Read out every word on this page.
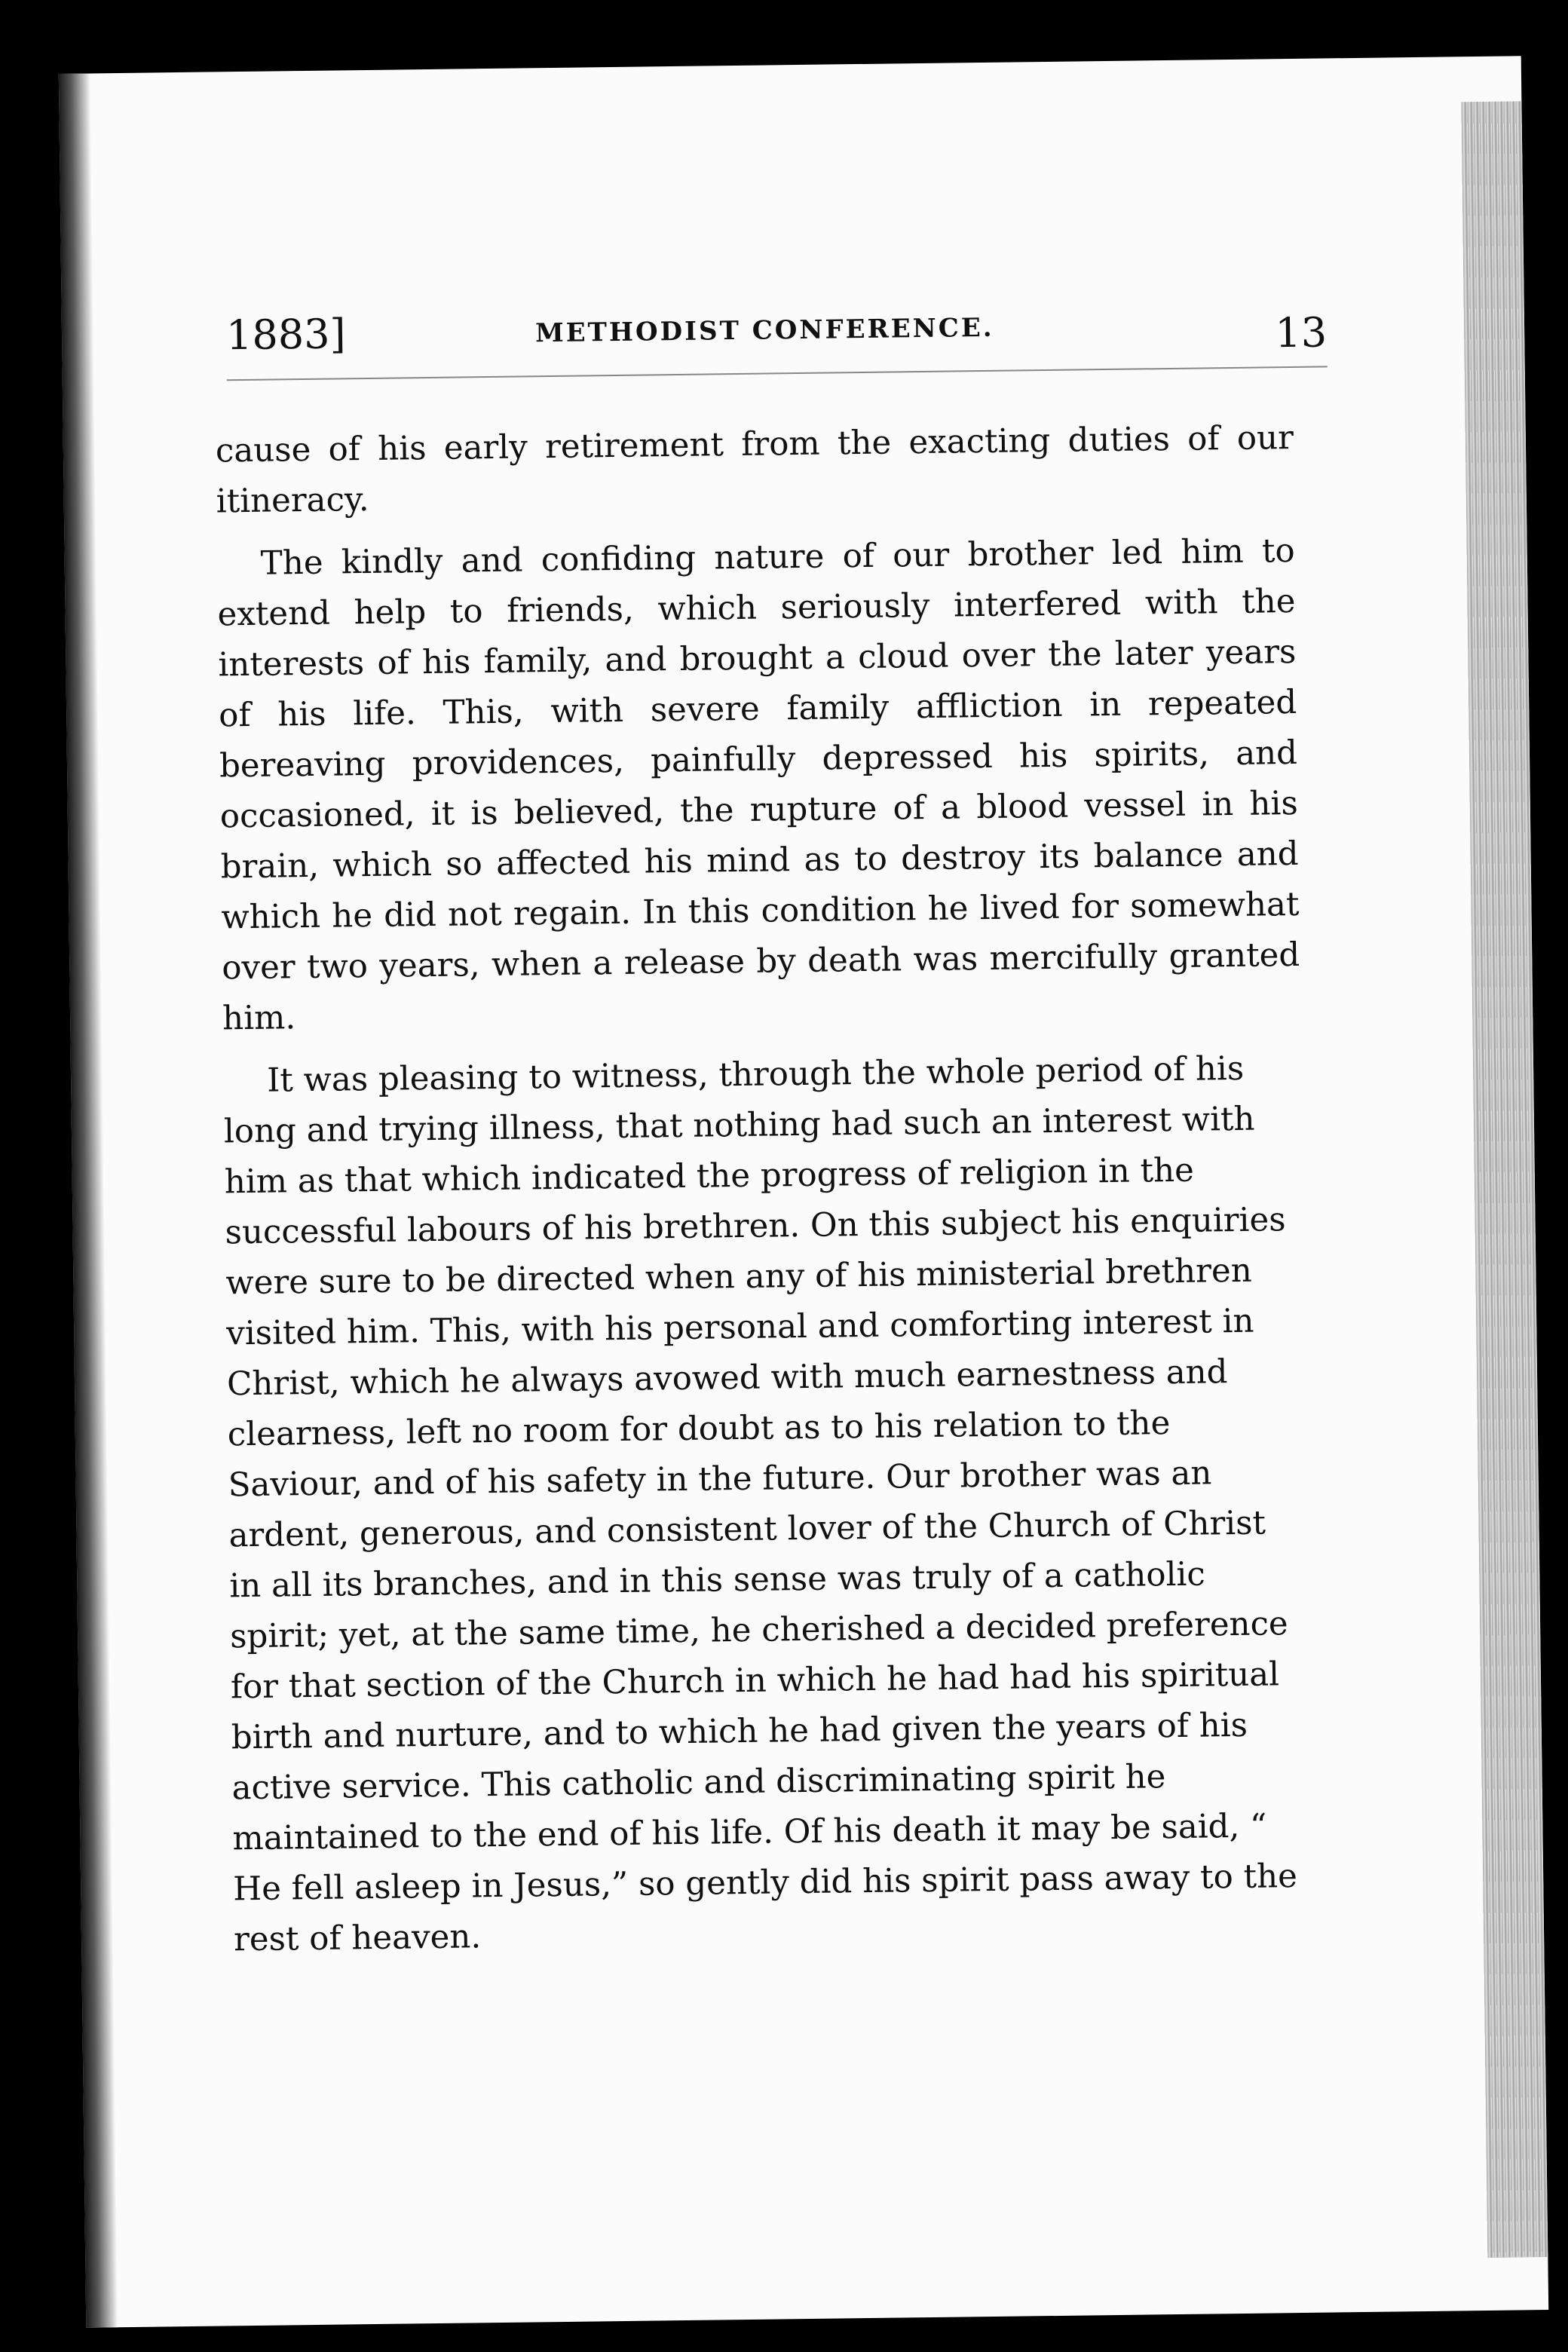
1883]	METHODIST CONFERENCE.	13

cause of his early retirement from the exacting duties of our itineracy.

The kindly and confiding nature of our brother led him to extend help to friends, which seriously interfered with the interests of his family, and brought a cloud over the later years of his life. This, with severe family affliction in repeated bereaving providences, painfully depressed his spirits, and occasioned, it is believed, the rupture of a blood vessel in his brain, which so affected his mind as to destroy its balance and which he did not regain. In this condition he lived for somewhat over two years, when a release by death was mercifully granted him.

It was pleasing to witness, through the whole period of his long and trying illness, that nothing had such an interest with him as that which indicated the progress of religion in the successful labours of his brethren. On this subject his enquiries were sure to be directed when any of his ministerial brethren visited him. This, with his personal and comforting interest in Christ, which he always avowed with much earnestness and clearness, left no room for doubt as to his relation to the Saviour, and of his safety in the future. Our brother was an ardent, generous, and consistent lover of the Church of Christ in all its branches, and in this sense was truly of a catholic spirit; yet, at the same time, he cherished a decided preference for that section of the Church in which he had had his spiritual birth and nurture, and to which he had given the years of his active service. This catholic and discriminating spirit he maintained to the end of his life. Of his death it may be said, “ He fell asleep in Jesus,” so gently did his spirit pass away to the rest of heaven.
